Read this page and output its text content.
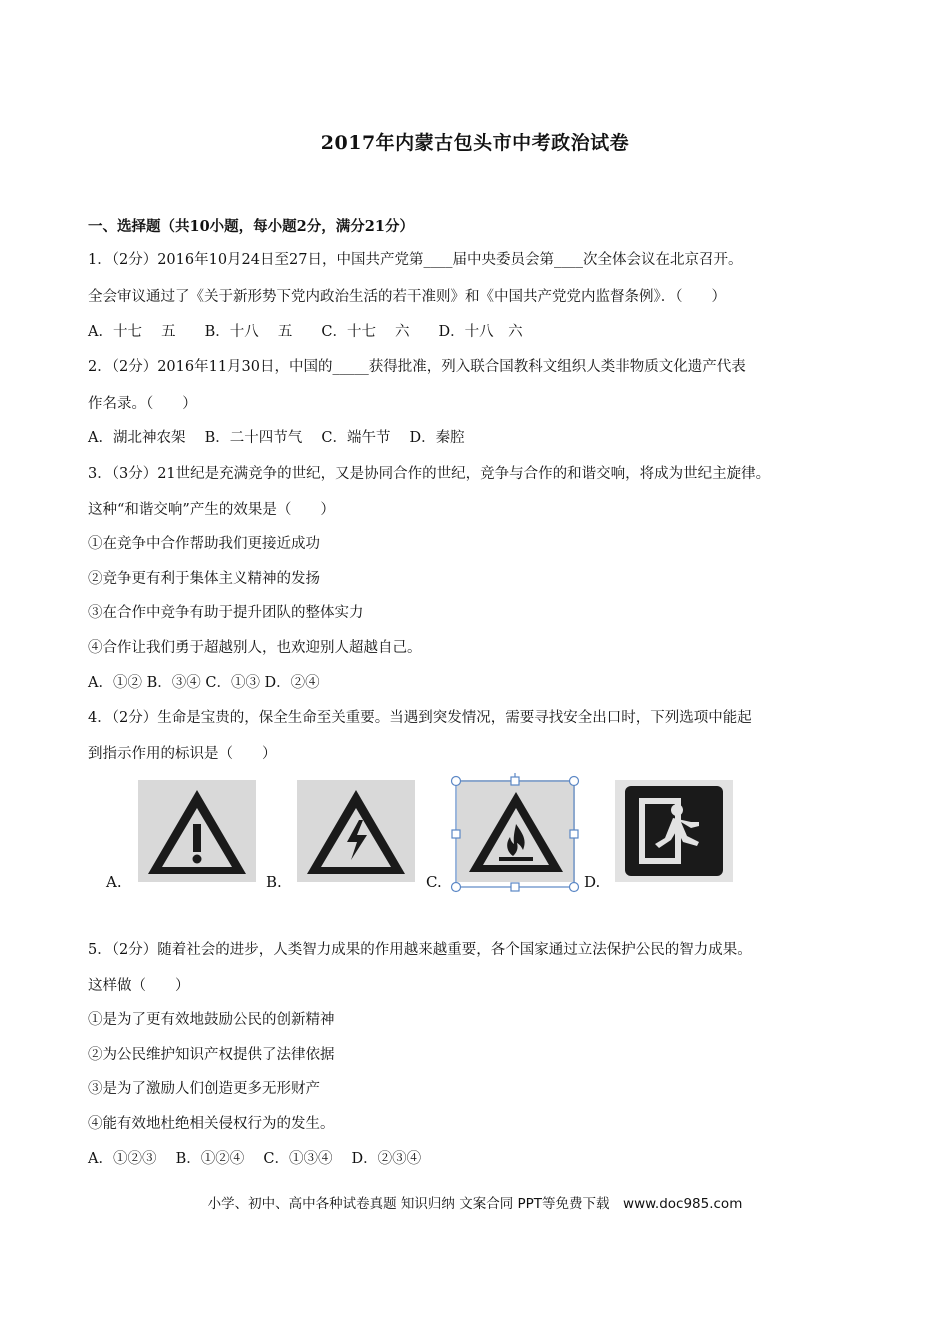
2017年内蒙古包头市中考政治试卷
一、选择题（共10小题，每小题2分，满分21分）
1．（2分）2016年10月24日至27日，中国共产党第____届中央委员会第____次全体会议在北京召开。
全会审议通过了《关于新形势下党内政治生活的若干准则》和《中国共产党党内监督条例》．（　　）
A．十七　 五　　B．十八　 五　　C．十七　 六　　D．十八　六
2．（2分）2016年11月30日，中国的_____获得批准，列入联合国教科文组织人类非物质文化遗产代表
作名录。（　　）
A．湖北神农架　 B．二十四节气　 C．端午节　 D．秦腔
3．（3分）21世纪是充满竞争的世纪，又是协同合作的世纪，竞争与合作的和谐交响，将成为世纪主旋律。
这种“和谐交响”产生的效果是（　　）
①在竞争中合作帮助我们更接近成功
②竞争更有利于集体主义精神的发扬
③在合作中竞争有助于提升团队的整体实力
④合作让我们勇于超越别人，也欢迎别人超越自己。
A．①② B．③④ C．①③ D．②④
4．（2分）生命是宝贵的，保全生命至关重要。当遇到突发情况，需要寻找安全出口时，下列选项中能起
到指示作用的标识是（　　）
A.	B.	C.	D.
5．（2分）随着社会的进步，人类智力成果的作用越来越重要，各个国家通过立法保护公民的智力成果。
这样做（　　）
①是为了更有效地鼓励公民的创新精神
②为公民维护知识产权提供了法律依据
③是为了激励人们创造更多无形财产
④能有效地杜绝相关侵权行为的发生。
A．①②③　 B．①②④　 C．①③④　 D．②③④
小学、初中、高中各种试卷真题 知识归纳 文案合同 PPT等免费下载　www.doc985.com
